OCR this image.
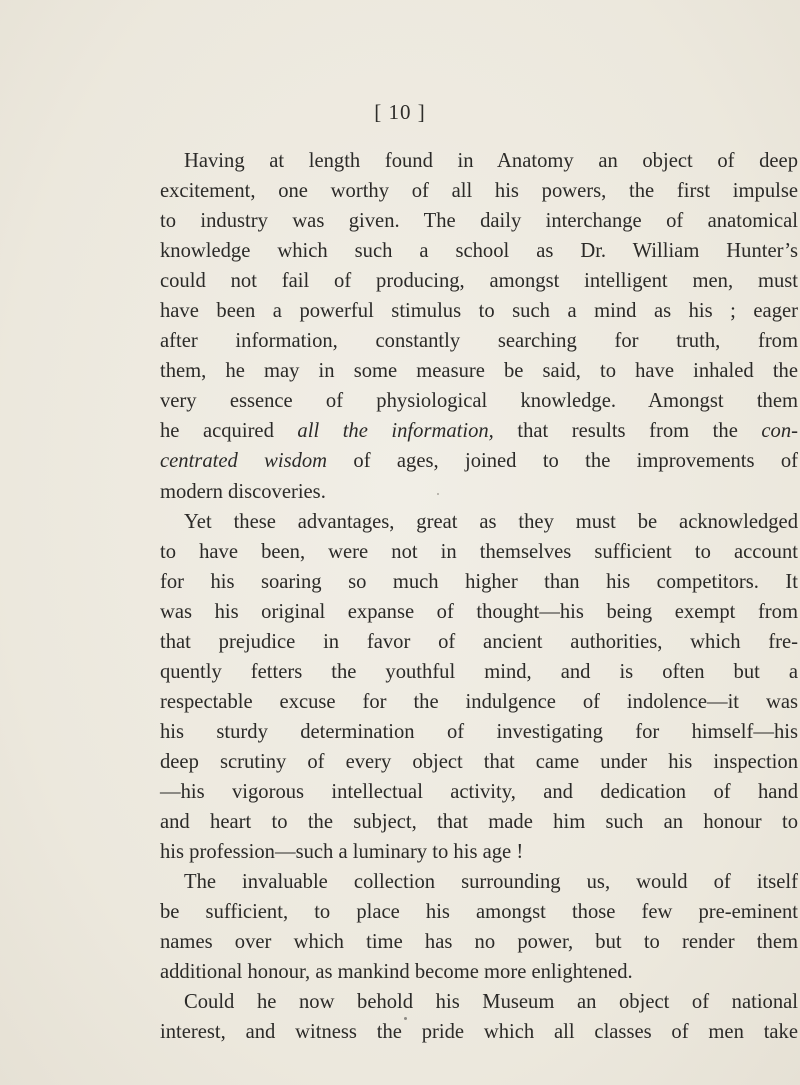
[ 10 ]
Having at length found in Anatomy an object of deep
excitement, one worthy of all his powers, the first impulse
to industry was given. The daily interchange of anatomical
knowledge which such a school as Dr. William Hunter’s
could not fail of producing, amongst intelligent men, must
have been a powerful stimulus to such a mind as his ; eager
after information, constantly searching for truth, from
them, he may in some measure be said, to have inhaled the
very essence of physiological knowledge. Amongst them
he acquired all the information, that results from the con-
centrated wisdom of ages, joined to the improvements of
modern discoveries.
Yet these advantages, great as they must be acknowledged
to have been, were not in themselves sufficient to account
for his soaring so much higher than his competitors. It
was his original expanse of thought—his being exempt from
that prejudice in favor of ancient authorities, which fre-
quently fetters the youthful mind, and is often but a
respectable excuse for the indulgence of indolence—it was
his sturdy determination of investigating for himself—his
deep scrutiny of every object that came under his inspection
—his vigorous intellectual activity, and dedication of hand
and heart to the subject, that made him such an honour to
his profession—such a luminary to his age !
The invaluable collection surrounding us, would of itself
be sufficient, to place his amongst those few pre-eminent
names over which time has no power, but to render them
additional honour, as mankind become more enlightened.
Could he now behold his Museum an object of national
interest, and witness the pride which all classes of men take
